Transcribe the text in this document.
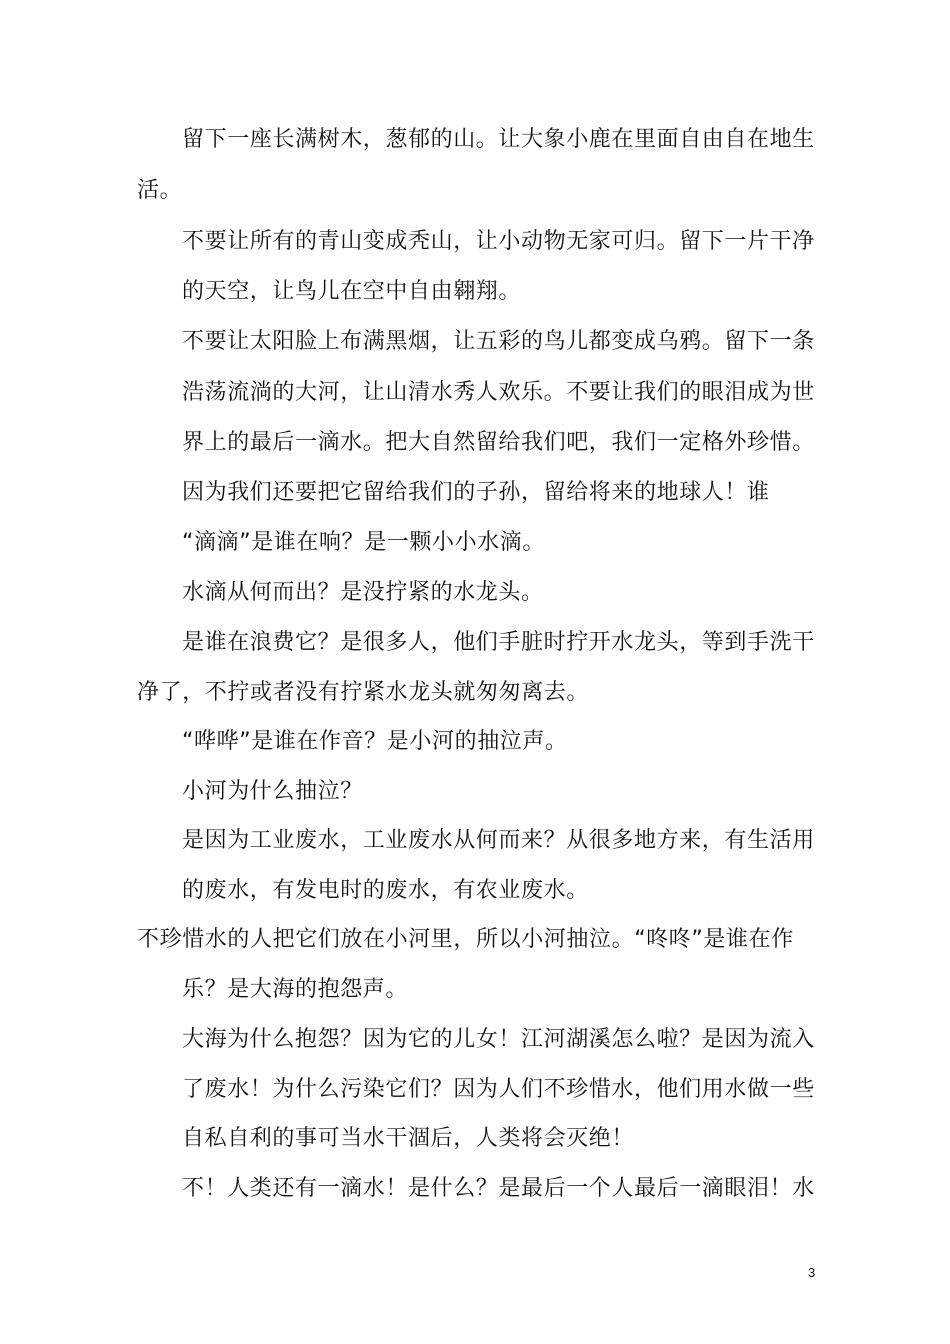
留下一座长满树木，葱郁的山。让大象小鹿在里面自由自在地生
活。
不要让所有的青山变成秃山，让小动物无家可归。留下一片干净
的天空，让鸟儿在空中自由翱翔。
不要让太阳脸上布满黑烟，让五彩的鸟儿都变成乌鸦。留下一条
浩荡流淌的大河，让山清水秀人欢乐。不要让我们的眼泪成为世
界上的最后一滴水。把大自然留给我们吧，我们一定格外珍惜。
因为我们还要把它留给我们的子孙，留给将来的地球人！谁
“滴滴”是谁在响？是一颗小小水滴。
水滴从何而出？是没拧紧的水龙头。
是谁在浪费它？是很多人，他们手脏时拧开水龙头，等到手洗干
净了，不拧或者没有拧紧水龙头就匆匆离去。
“哗哗”是谁在作音？是小河的抽泣声。
小河为什么抽泣？
是因为工业废水，工业废水从何而来？从很多地方来，有生活用
的废水，有发电时的废水，有农业废水。
不珍惜水的人把它们放在小河里，所以小河抽泣。“咚咚”是谁在作
乐？是大海的抱怨声。
大海为什么抱怨？因为它的儿女！江河湖溪怎么啦？是因为流入
了废水！为什么污染它们？因为人们不珍惜水，他们用水做一些
自私自利的事可当水干涸后，人类将会灭绝！
不！人类还有一滴水！是什么？是最后一个人最后一滴眼泪！水
3
